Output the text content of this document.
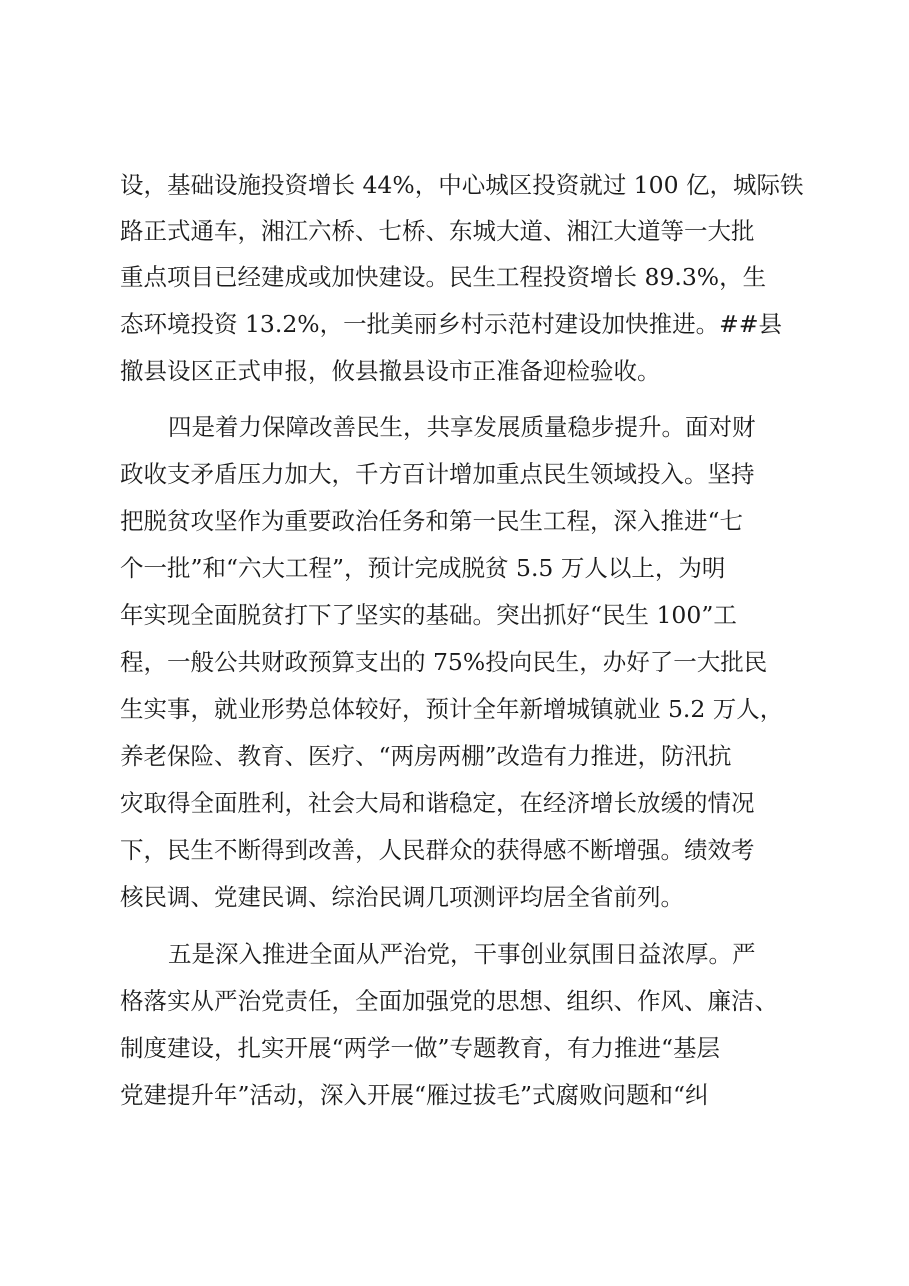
设，基础设施投资增长 44%，中心城区投资就过 100 亿，城际铁
路正式通车，湘江六桥、七桥、东城大道、湘江大道等一大批
重点项目已经建成或加快建设。民生工程投资增长 89.3%，生
态环境投资 13.2%，一批美丽乡村示范村建设加快推进。##县
撤县设区正式申报，攸县撤县设市正准备迎检验收。
四是着力保障改善民生，共享发展质量稳步提升。面对财
政收支矛盾压力加大，千方百计增加重点民生领域投入。坚持
把脱贫攻坚作为重要政治任务和第一民生工程，深入推进“七
个一批”和“六大工程”，预计完成脱贫 5.5 万人以上，为明
年实现全面脱贫打下了坚实的基础。突出抓好“民生 100”工
程，一般公共财政预算支出的 75%投向民生，办好了一大批民
生实事，就业形势总体较好，预计全年新增城镇就业 5.2 万人，
养老保险、教育、医疗、“两房两棚”改造有力推进，防汛抗
灾取得全面胜利，社会大局和谐稳定，在经济增长放缓的情况
下，民生不断得到改善，人民群众的获得感不断增强。绩效考
核民调、党建民调、综治民调几项测评均居全省前列。
五是深入推进全面从严治党，干事创业氛围日益浓厚。严
格落实从严治党责任，全面加强党的思想、组织、作风、廉洁、
制度建设，扎实开展“两学一做”专题教育，有力推进“基层
党建提升年”活动，深入开展“雁过拔毛”式腐败问题和“纠
